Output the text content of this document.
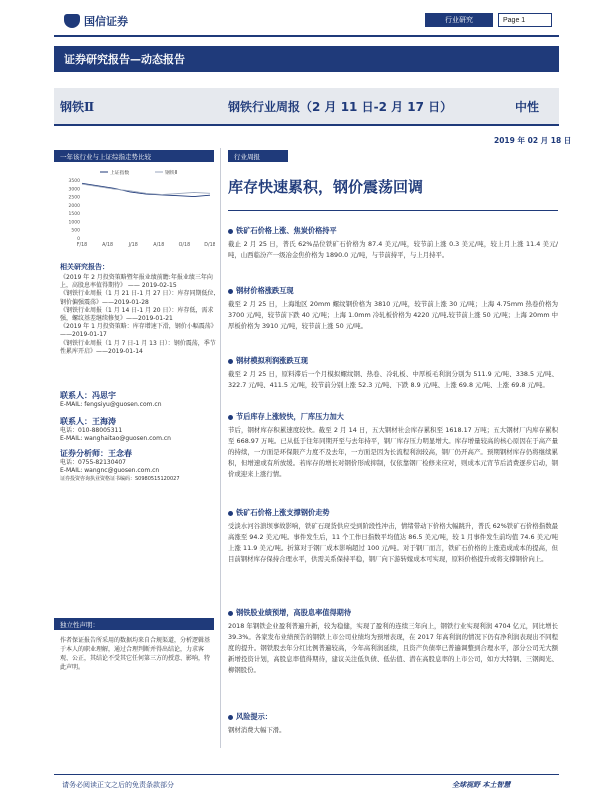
国信证券	行业研究	Page 1
证券研究报告—动态报告
钢铁Ⅱ	钢铁行业周报（2 月 11 日-2 月 17 日）	中性
2019 年 02 月 18 日
一年该行业与上证综指走势比较
0
500
1000
1500
2000
2500
3000
3500
F/18	A/18	J/18	A/18	O/18	D/18
上证指数	钢铁Ⅱ
相关研究报告：
《2019 年 2 月投资策略暨年报业绩前瞻:年报业绩三年向上，高股息率值得期待》 —— 2019-02-15
《钢铁行业周报（1 月 21 日-1 月 27 日）：库存同期低位,钢价偏强震荡》——2019-01-28
《钢铁行业周报（1 月 14 日-1 月 20 日）：库存低，需求强，螺纹基差继续修复》——2019-01-21
《2019 年 1 月投资策略：库存增速下滑，钢价小幅震荡》——2019-01-17
《钢铁行业周报（1 月 7 日-1 月 13 日）：钢价震荡，季节性累库开启》——2019-01-14
联系人：冯思宇
E-MAIL: fengsiyu@guosen.com.cn
联系人：王海涛
电话：010-88005311
E-MAIL: wanghaitao@guosen.com.cn
证券分析师：王念春
电话：0755-82130407
E-MAIL: wangnc@guosen.com.cn
证券投资咨询执业资格证书编码：S0980515120027
独立性声明：
作者保证报告所采用的数据均来自合规渠道，分析逻辑基于本人的职业理解，通过合理判断并得出结论，力求客观、公正，其结论不受其它任何第三方的授意、影响，特此声明。
行业周报
库存快速累积，钢价震荡回调
铁矿石价格上涨、焦炭价格持平

截止 2 月 25 日，普氏 62%品位铁矿石价格为 87.4 美元/吨，较节前上涨 0.3 美元/吨，较上月上涨 11.4 美元/吨，山西临汾产一级冶金焦价格为 1890.0 元/吨，与节前持平，与上月持平。

钢材价格涨跌互现

截至 2 月 25 日，上海地区 20mm 螺纹钢价格为 3810 元/吨，较节前上涨 30 元/吨；上海 4.75mm 热卷价格为 3700 元/吨，较节前下跌 40 元/吨；上海 1.0mm 冷轧板价格为 4220 元/吨,较节前上涨 50 元/吨；上海 20mm 中厚板价格为 3910 元/吨，较节前上涨 50 元/吨。

钢材模拟利润涨跌互现

截至 2 月 25 日，原料滞后一个月模拟螺纹钢、热卷、冷轧板、中厚板毛利润分别为 511.9 元/吨、338.5 元/吨、322.7 元/吨、411.5 元/吨，较节前分别上涨 52.3 元/吨、下跌 8.9 元/吨、上涨 69.8 元/吨、上涨 69.8 元/吨。

节后库存上涨较快，厂库压力加大

节后，钢材库存积累速度较快。截至 2 月 14 日，五大钢材社会库存累积至 1618.17 万吨；五大钢材厂内库存累积至 668.97 万吨。已从低于往年同期开至与去年持平，钢厂库存压力明显增大。库存增量较高的核心原因在于高产量的持续，一方面是环保限产力度不及去年，一方面是因为长流程利润较高，钢厂仍开高产。预期钢材库存仍将继续累积，但增速或有所放缓。若库存的增长对钢价形成抑制，仅依靠钢厂检修来应对，则成本元宵节后消费逐步启动，钢价或迎来上涨行情。

铁矿石价格上涨支撑钢价走势

受淡水河谷溃坝事故影响，铁矿石现货供应受到阶段性冲击，情绪带动下价格大幅跳升，普氏 62%铁矿石价格指数最高涨至 94.2 美元/吨。事件发生后，11 个工作日指数平均值达 86.5 美元/吨，较 1 月事件发生前均值 74.6 美元/吨上涨 11.9 美元/吨。折算对于钢厂成本影响超过 100 元/吨。对于钢厂而言，铁矿石价格的上涨造成成本的提高，但目前钢材库存保持合理水平，供需关系保持平稳，钢厂向下游转嫁成本可实现，原料价格提升或将支撑钢价向上。

钢铁股业绩预增，高股息率值得期待

2018 年钢铁企业盈利普遍升新，较为稳健，实现了盈利的连续三年向上，钢铁行业实现利润 4704 亿元，同比增长 39.3%。各家发布业绩预告的钢铁上市公司业绩均为预增表现，在 2017 年高利润的情况下仍有净利润表现出不同程度的提升。钢铁股去年分红比例普遍较高，今年高利润延续，且资产负债率已普遍调整到合理水平，部分公司无大额新增投资计划，高股息率值得期待，建议关注低负债、低估值、潜在高股息率的上市公司，如方大特钢、三钢闽光、柳钢股份。

风险提示：

钢材消费大幅下滑。

请务必阅读正文之后的免责条款部分	全球视野 本土智慧
